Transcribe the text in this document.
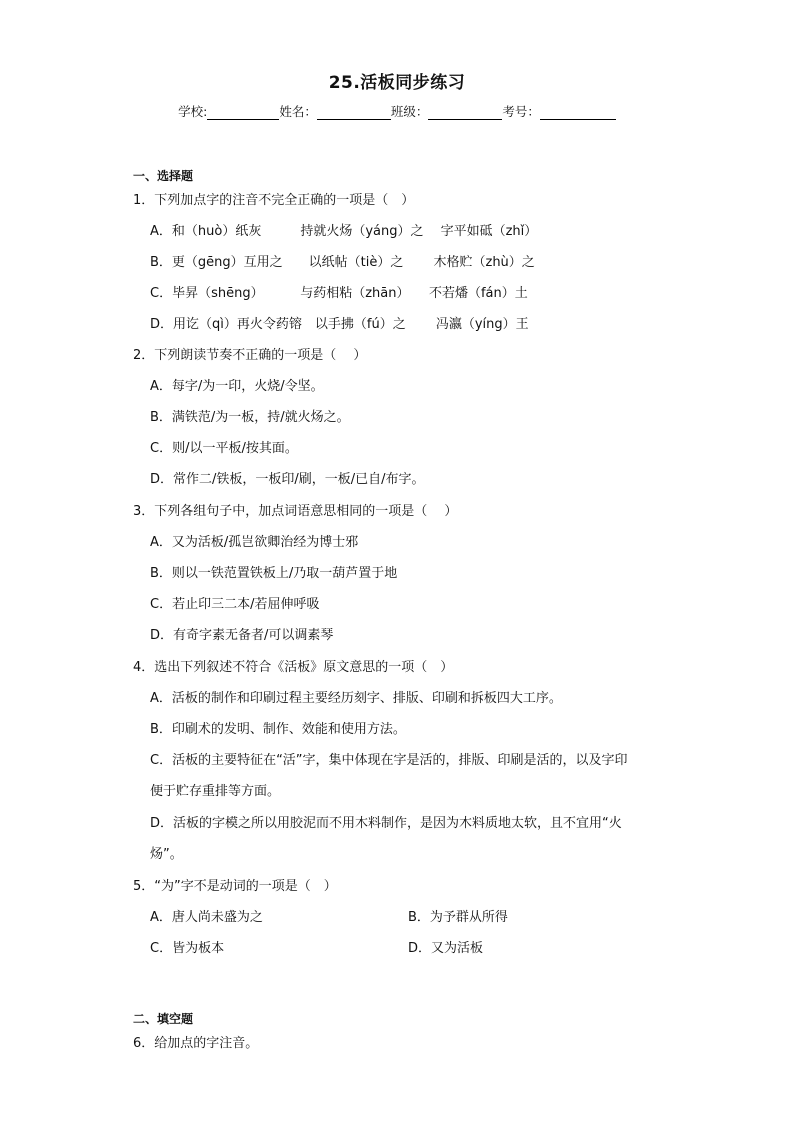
25.活板同步练习
学校:	姓名：	班级：	考号：
一、选择题
1．下列加点字的注音不完全正确的一项是（　）
A．和（huò）纸灰　　　持就火炀（yáng）之　 字平如砥（zhǐ）
B．更（gēng）互用之　　以纸帖（tiè）之　　 木格贮（zhù）之
C．毕昇（shēng）　　　 与药相粘（zhān）　　不若燔（fán）土
D．用讫（qì）再火令药镕　以手拂（fú）之　　 冯瀛（yíng）王
2．下列朗读节奏不正确的一项是（　 ）
A．每字/为一印，火烧/令坚。
B．满铁范/为一板，持/就火炀之。
C．则/以一平板/按其面。
D．常作二/铁板，一板印/刷，一板/已自/布字。
3．下列各组句子中，加点词语意思相同的一项是（　 ）
A．又为活板/孤岂欲卿治经为博士邪
B．则以一铁范置铁板上/乃取一葫芦置于地
C．若止印三二本/若屈伸呼吸
D．有奇字素无备者/可以调素琴
4．选出下列叙述不符合《活板》原文意思的一项（　）
A．活板的制作和印刷过程主要经历刻字、排版、印刷和拆板四大工序。
B．印刷术的发明、制作、效能和使用方法。
C．活板的主要特征在“活”字，集中体现在字是活的，排版、印刷是活的，以及字印
便于贮存重排等方面。
D．活板的字模之所以用胶泥而不用木料制作，是因为木料质地太软，且不宜用“火
炀”。
5．“为”字不是动词的一项是（　）
A．唐人尚未盛为之	B．为予群从所得
C．皆为板本	D．又为活板
二、填空题
6．给加点的字注音。
